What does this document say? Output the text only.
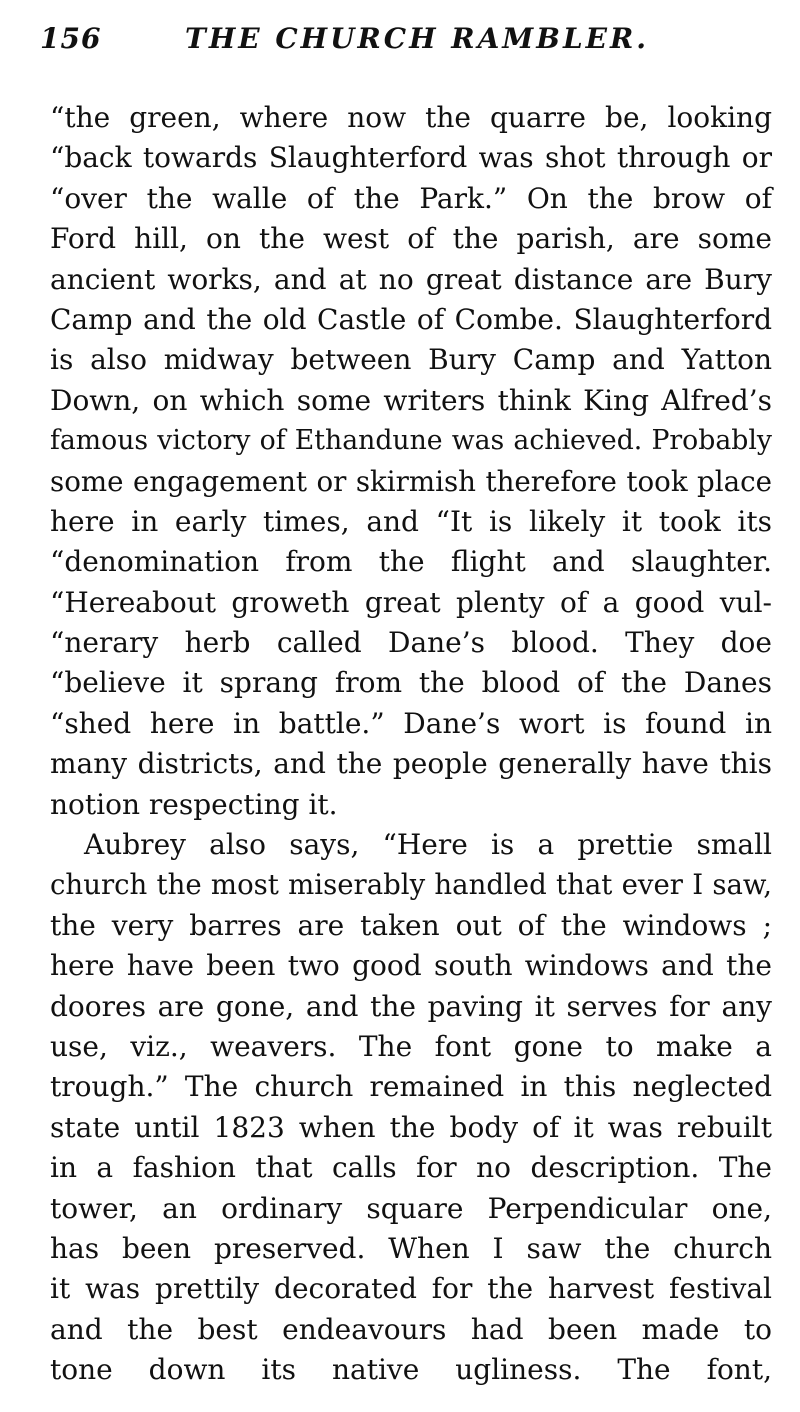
156	THE CHURCH RAMBLER.
“the green, where now the quarre be, looking
“back towards Slaughterford was shot through or
“over the walle of the Park.” On the brow of
Ford hill, on the west of the parish, are some
ancient works, and at no great distance are Bury
Camp and the old Castle of Combe. Slaughterford
is also midway between Bury Camp and Yatton
Down, on which some writers think King Alfred’s
famous victory of Ethandune was achieved. Probably
some engagement or skirmish therefore took place
here in early times, and “It is likely it took its
“denomination from the flight and slaughter.
“Hereabout groweth great plenty of a good vul-
“nerary herb called Dane’s blood. They doe
“believe it sprang from the blood of the Danes
“shed here in battle.” Dane’s wort is found in
many districts, and the people generally have this
notion respecting it.
Aubrey also says, “Here is a prettie small
church the most miserably handled that ever I saw,
the very barres are taken out of the windows ;
here have been two good south windows and the
doores are gone, and the paving it serves for any
use, viz., weavers. The font gone to make a
trough.” The church remained in this neglected
state until 1823 when the body of it was rebuilt
in a fashion that calls for no description. The
tower, an ordinary square Perpendicular one,
has been preserved. When I saw the church
it was prettily decorated for the harvest festival
and the best endeavours had been made to
tone down its native ugliness. The font,
